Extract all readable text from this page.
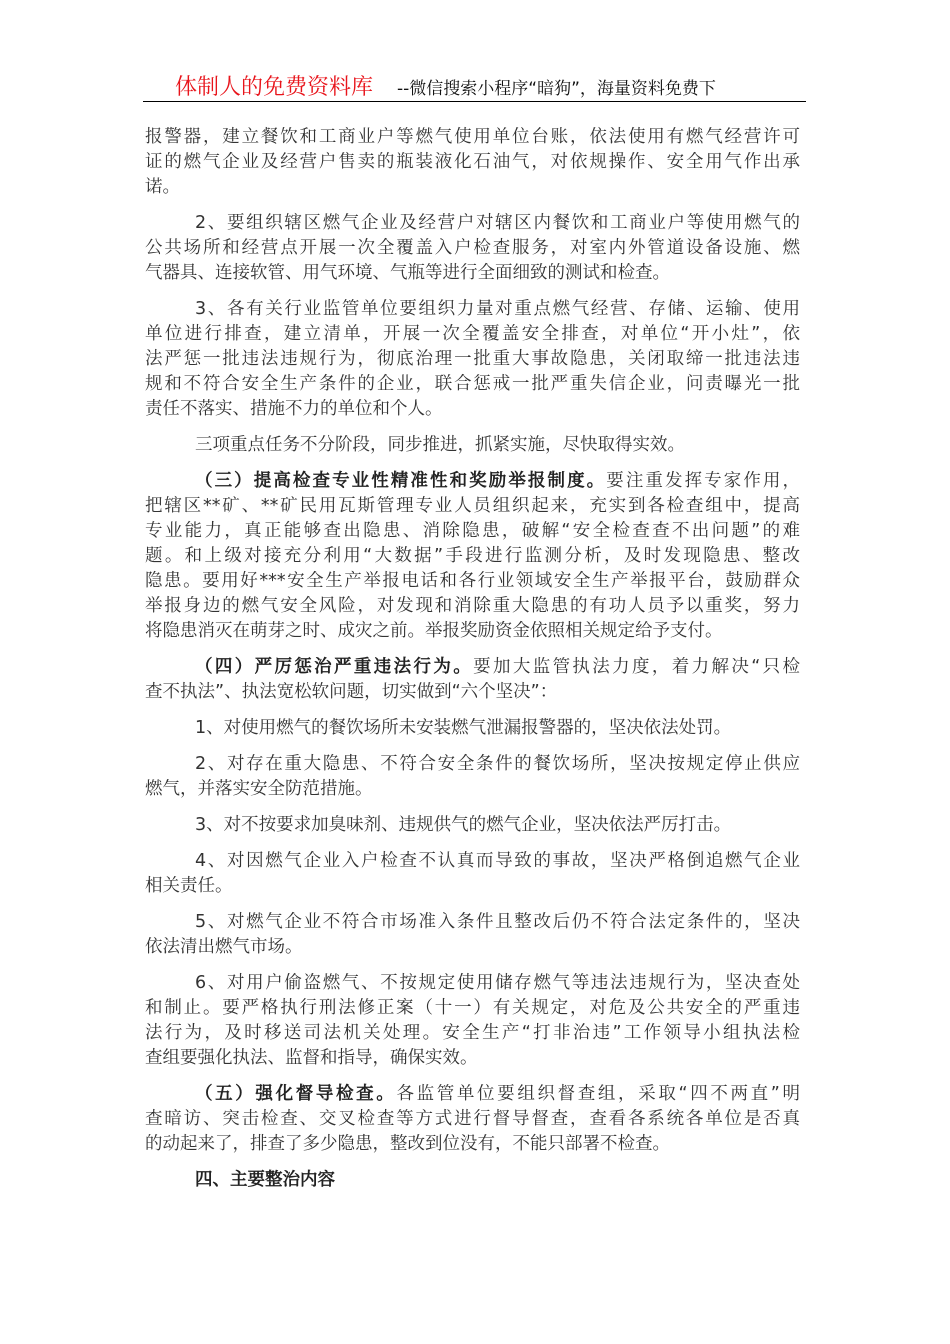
体制人的免费资料库 --微信搜索小程序“暗狗”，海量资料免费下
报警器，建立餐饮和工商业户等燃气使用单位台账，依法使用有燃气经营许可
证的燃气企业及经营户售卖的瓶装液化石油气，对依规操作、安全用气作出承
诺。
2、要组织辖区燃气企业及经营户对辖区内餐饮和工商业户等使用燃气的
公共场所和经营点开展一次全覆盖入户检查服务，对室内外管道设备设施、燃
气器具、连接软管、用气环境、气瓶等进行全面细致的测试和检查。
3、各有关行业监管单位要组织力量对重点燃气经营、存储、运输、使用
单位进行排查，建立清单，开展一次全覆盖安全排查，对单位“开小灶”，依
法严惩一批违法违规行为，彻底治理一批重大事故隐患，关闭取缔一批违法违
规和不符合安全生产条件的企业，联合惩戒一批严重失信企业，问责曝光一批
责任不落实、措施不力的单位和个人。
三项重点任务不分阶段，同步推进，抓紧实施，尽快取得实效。
（三）提高检查专业性精准性和奖励举报制度。要注重发挥专家作用，
把辖区**矿、**矿民用瓦斯管理专业人员组织起来，充实到各检查组中，提高
专业能力，真正能够查出隐患、消除隐患，破解“安全检查查不出问题”的难
题。和上级对接充分利用“大数据”手段进行监测分析，及时发现隐患、整改
隐患。要用好***安全生产举报电话和各行业领域安全生产举报平台，鼓励群众
举报身边的燃气安全风险，对发现和消除重大隐患的有功人员予以重奖，努力
将隐患消灭在萌芽之时、成灾之前。举报奖励资金依照相关规定给予支付。
（四）严厉惩治严重违法行为。要加大监管执法力度，着力解决“只检
查不执法”、执法宽松软问题，切实做到“六个坚决”：
1、对使用燃气的餐饮场所未安装燃气泄漏报警器的，坚决依法处罚。
2、对存在重大隐患、不符合安全条件的餐饮场所，坚决按规定停止供应
燃气，并落实安全防范措施。
3、对不按要求加臭味剂、违规供气的燃气企业，坚决依法严厉打击。
4、对因燃气企业入户检查不认真而导致的事故，坚决严格倒追燃气企业
相关责任。
5、对燃气企业不符合市场准入条件且整改后仍不符合法定条件的，坚决
依法清出燃气市场。
6、对用户偷盗燃气、不按规定使用储存燃气等违法违规行为，坚决查处
和制止。要严格执行刑法修正案（十一）有关规定，对危及公共安全的严重违
法行为，及时移送司法机关处理。安全生产“打非治违”工作领导小组执法检
查组要强化执法、监督和指导，确保实效。
（五）强化督导检查。各监管单位要组织督查组，采取“四不两直”明
查暗访、突击检查、交叉检查等方式进行督导督查，查看各系统各单位是否真
的动起来了，排查了多少隐患，整改到位没有，不能只部署不检查。
四、主要整治内容
